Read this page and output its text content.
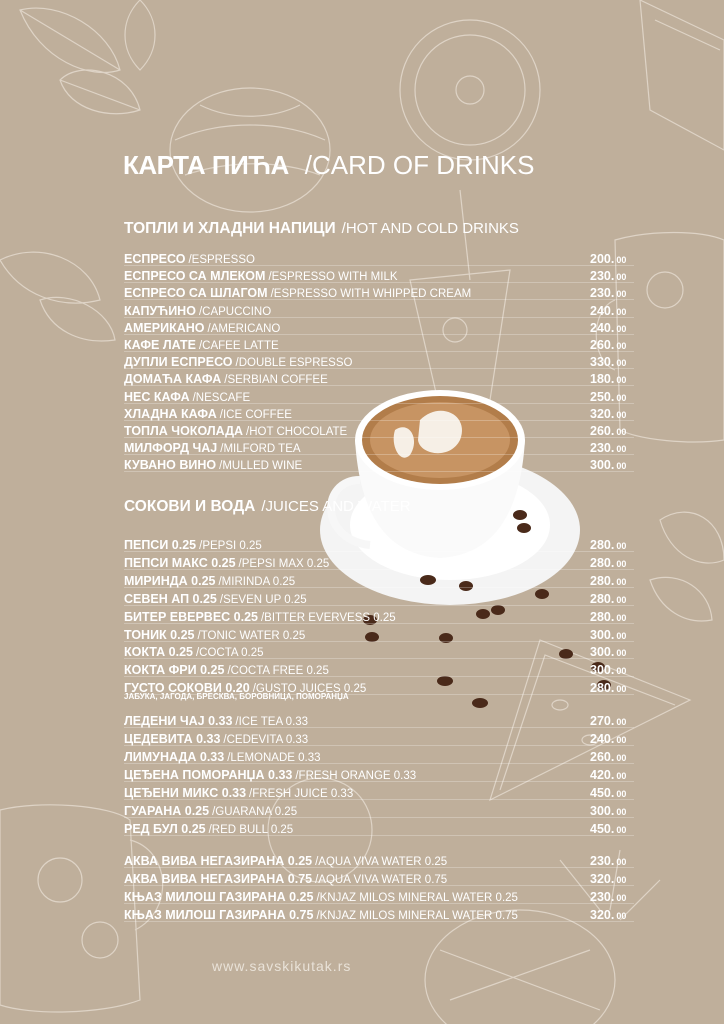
КАРТА ПИЋА /CARD OF DRINKS
ТОПЛИ И ХЛАДНИ НАПИЦИ /HOT AND COLD DRINKS
ЕСПРЕСО /ESPRESSO	200. 00
ЕСПРЕСО СА МЛЕКОМ /ESPRESSO WITH MILK	230. 00
ЕСПРЕСО СА ШЛАГОМ /ESPRESSO WITH WHIPPED CREAM	230. 00
КАПУЋИНО /CAPUCCINO	240. 00
АМЕРИКАНО /AMERICANO	240. 00
КАФЕ ЛАТЕ /CAFEE LATTE	260. 00
ДУПЛИ ЕСПРЕСО /DOUBLE ESPRESSO	330. 00
ДОМАЋА КАФА /SERBIAN COFFEE	180. 00
НЕС КАФА /NESCAFE	250. 00
ХЛАДНА КАФА /ICE COFFEE	320. 00
ТОПЛА ЧОКОЛАДА /HOT CHOCOLATE	260. 00
МИЛФОРД ЧАЈ /MILFORD TEA	230. 00
КУВАНО ВИНО /MULLED WINE	300. 00
СОКОВИ И ВОДА /JUICES AND WATER
ПЕПСИ 0.25 /PEPSI 0.25	280. 00
ПЕПСИ МАКС 0.25 /PEPSI MAX 0.25	280. 00
МИРИНДА 0.25 /MIRINDA 0.25	280. 00
СЕВЕН АП 0.25 /SEVEN UP 0.25	280. 00
БИТЕР ЕВЕРВЕС 0.25 /BITTER EVERVESS 0.25	280. 00
ТОНИК 0.25 /TONIC WATER 0.25	300. 00
КОКТА 0.25 /COCTA 0.25	300. 00
КОКТА ФРИ 0.25 /COCTA FREE 0.25	300. 00
ГУСТО СОКОВИ 0.20 /GUSTO JUICES 0.25	280. 00
ЈАБУКА, ЈАГОДА, БРЕСКВА, БОРОВНИЦА, ПОМОРАНЏА
ЛЕДЕНИ ЧАЈ 0.33 /ICE TEA 0.33	270. 00
ЦЕДЕВИТА 0.33 /CEDEVITA 0.33	240. 00
ЛИМУНАДА 0.33 /LEMONADE 0.33	260. 00
ЦЕЂЕНА ПОМОРАНЏА 0.33 /FRESH ORANGE 0.33	420. 00
ЦЕЂЕНИ МИКС 0.33 /FRESH JUICE 0.33	450. 00
ГУАРАНА 0.25 /GUARANA 0.25	300. 00
РЕД БУЛ 0.25 /RED BULL 0.25	450. 00
АКВА ВИВА НЕГАЗИРАНА 0.25 /AQUA VIVA WATER 0.25	230. 00
АКВА ВИВА НЕГАЗИРАНА 0.75 /AQUA VIVA WATER 0.75	320. 00
КЊАЗ МИЛОШ ГАЗИРАНА 0.25 /KNJAZ MILOS MINERAL WATER 0.25	230. 00
КЊАЗ МИЛОШ ГАЗИРАНА 0.75 /KNJAZ MILOS MINERAL WATER 0.75	320. 00
www.savskikutak.rs
